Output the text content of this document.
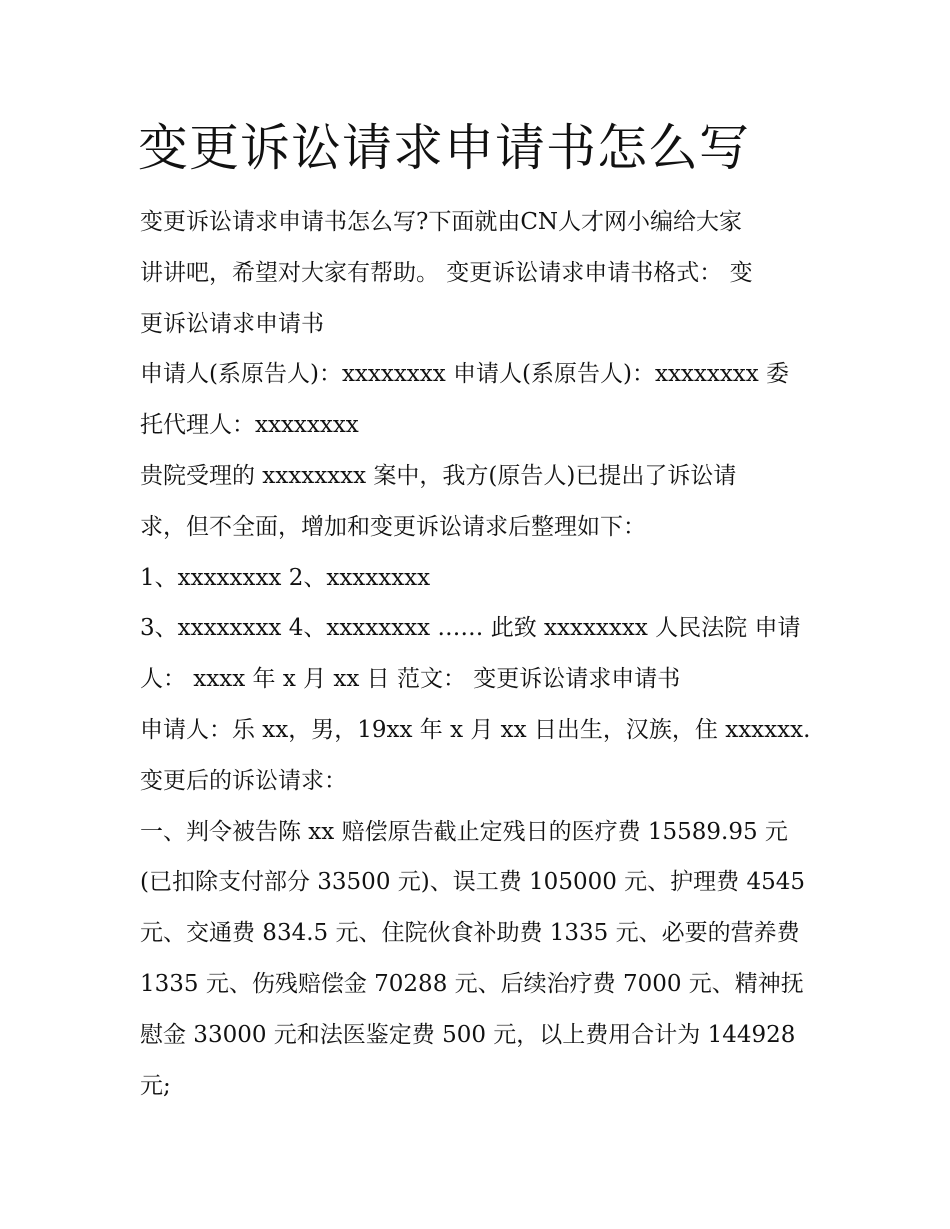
变更诉讼请求申请书怎么写
变更诉讼请求申请书怎么写?下面就由CN人才网小编给大家
讲讲吧，希望对大家有帮助。 变更诉讼请求申请书格式： 变
更诉讼请求申请书
申请人(系原告人)：xxxxxxxx 申请人(系原告人)：xxxxxxxx 委
托代理人：xxxxxxxx
贵院受理的 xxxxxxxx 案中，我方(原告人)已提出了诉讼请
求，但不全面，增加和变更诉讼请求后整理如下：
1、xxxxxxxx 2、xxxxxxxx
3、xxxxxxxx 4、xxxxxxxx …… 此致 xxxxxxxx 人民法院 申请
人： xxxx 年 x 月 xx 日 范文： 变更诉讼请求申请书
申请人：乐 xx，男，19xx 年 x 月 xx 日出生，汉族，住 xxxxxx.
变更后的诉讼请求：
一、判令被告陈 xx 赔偿原告截止定残日的医疗费 15589.95 元
(已扣除支付部分 33500 元)、误工费 105000 元、护理费 4545
元、交通费 834.5 元、住院伙食补助费 1335 元、必要的营养费
1335 元、伤残赔偿金 70288 元、后续治疗费 7000 元、精神抚
慰金 33000 元和法医鉴定费 500 元，以上费用合计为 144928
元;
